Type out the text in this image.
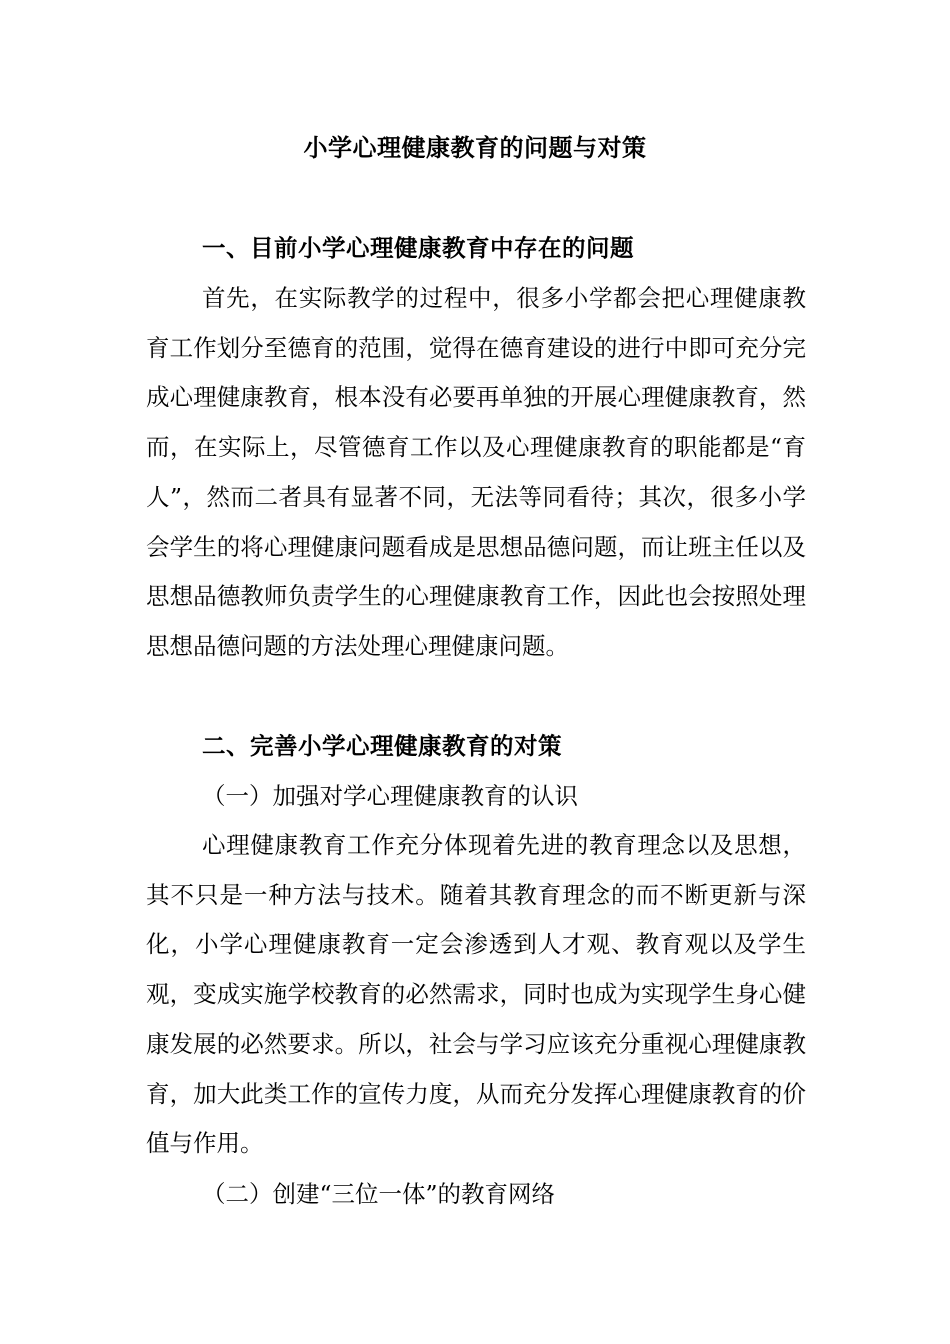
小学心理健康教育的问题与对策
一、目前小学心理健康教育中存在的问题

首先，在实际教学的过程中，很多小学都会把心理健康教育工作划分至德育的范围，觉得在德育建设的进行中即可充分完成心理健康教育，根本没有必要再单独的开展心理健康教育，然而，在实际上，尽管德育工作以及心理健康教育的职能都是“育人”，然而二者具有显著不同，无法等同看待；其次，很多小学会学生的将心理健康问题看成是思想品德问题，而让班主任以及思想品德教师负责学生的心理健康教育工作，因此也会按照处理思想品德问题的方法处理心理健康问题。

二、完善小学心理健康教育的对策
（一）加强对学心理健康教育的认识

心理健康教育工作充分体现着先进的教育理念以及思想，其不只是一种方法与技术。随着其教育理念的而不断更新与深化，小学心理健康教育一定会渗透到人才观、教育观以及学生观，变成实施学校教育的必然需求，同时也成为实现学生身心健康发展的必然要求。所以，社会与学习应该充分重视心理健康教育，加大此类工作的宣传力度，从而充分发挥心理健康教育的价值与作用。

（二）创建“三位一体”的教育网络
